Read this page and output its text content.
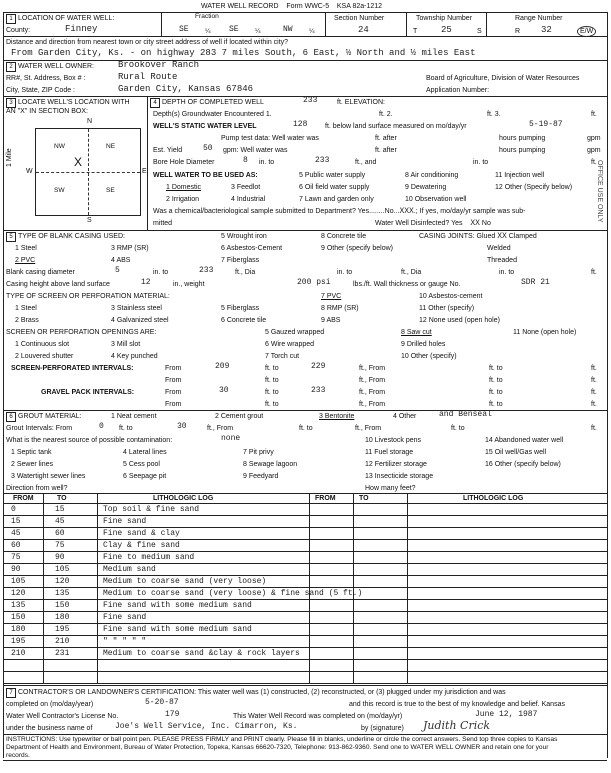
WATER WELL RECORD Form WWC-5 KSA 82a-1212
1 LOCATION OF WATER WELL:
County:	Finney
Fraction
SE ¼ SE ¼	NW ¼
Section Number
24
Township Number
T	25	S
Range Number
R 32	E/W
Distance and direction from nearest town or city street address of well if located within city?
From Garden City, Ks. - on highway 283 7 miles South, 6 East, ½ North and ½ miles East
2 WATER WELL OWNER:	Brookover Ranch
RR#, St. Address, Box # :	Rural Route
City, State, ZIP Code :	Garden City, Kansas 67846
Board of Agriculture, Division of Water Resources
Application Number:
3 LOCATE WELL'S LOCATION WITH
AN "X" IN SECTION BOX:
N
S
W	E
NW	NE
SW	SE
X
1 Mile
4 DEPTH OF COMPLETED WELL	233	ft. ELEVATION:
Depth(s) Groundwater Encountered 1.	ft. 2.	ft. 3.	ft.
WELL'S STATIC WATER LEVEL	128	ft. below land surface measured on mo/day/yr	5-19-87
Pump test data: Well water was	ft. after	hours pumping	gpm
Est. Yield	50 gpm: Well water was	ft. after	hours pumping	gpm
Bore Hole Diameter	8 in. to	233	ft., and	in. to	ft.
WELL WATER TO BE USED AS:
1 Domestic
2 Irrigation
3 Feedlot
4 Industrial
5 Public water supply
6 Oil field water supply
7 Lawn and garden only
8 Air conditioning
9 Dewatering
10 Observation well
11 Injection well
12 Other (Specify below)
Was a chemical/bacteriological sample submitted to Department? Yes........No...XXX.; If yes, mo/day/yr sample was sub-
mitted	Water Well Disinfected? Yes XX No
5 TYPE OF BLANK CASING USED:
1 Steel
2 PVC
3 RMP (SR)
4 ABS
5 Wrought iron
6 Asbestos-Cement
7 Fiberglass
8 Concrete tile
9 Other (specify below)
CASING JOINTS: Glued XX Clamped
Welded
Threaded
Blank casing diameter	5	in. to	233	ft., Dia	in. to	ft., Dia	in. to	ft.
Casing height above land surface	12	in., weight	200 psi	lbs./ft. Wall thickness or gauge No.	SDR 21
TYPE OF SCREEN OR PERFORATION MATERIAL:
1 Steel
2 Brass
3 Stainless steel
4 Galvanized steel
5 Fiberglass
6 Concrete tile
7 PVC
8 RMP (SR)
9 ABS
10 Asbestos-cement
11 Other (specify)
12 None used (open hole)
SCREEN OR PERFORATION OPENINGS ARE:
1 Continuous slot
2 Louvered shutter
3 Mill slot
4 Key punched
5 Gauzed wrapped
6 Wire wrapped
7 Torch cut
8 Saw cut
9 Drilled holes
10 Other (specify)
11 None (open hole)
SCREEN-PERFORATED INTERVALS:	From	209	ft. to	229	ft., From	ft. to	ft.
From	ft. to	ft., From	ft. to	ft.
GRAVEL PACK INTERVALS:	From	30	ft. to	233	ft., From	ft. to	ft.
From	ft. to	ft., From	ft. to	ft.
6 GROUT MATERIAL:	1 Neat cement	2 Cement grout	3 Bentonite	4 Other	and Benseal
Grout Intervals: From	0 ft. to	30	ft., From	ft. to	ft., From	ft. to	ft.
What is the nearest source of possible contamination:	none
1 Septic tank
2 Sewer lines
3 Watertight sewer lines
4 Lateral lines
5 Cess pool
6 Seepage pit
7 Pit privy
8 Sewage lagoon
9 Feedyard
10 Livestock pens
11 Fuel storage
12 Fertilizer storage
13 Insecticide storage
14 Abandoned water well
15 Oil well/Gas well
16 Other (specify below)
Direction from well?	How many feet?
FROM	TO	LITHOLOGIC LOG	FROM	TO	LITHOLOGIC LOG
0	15	Top soil & fine sand
15	45	Fine sand
45	60	Fine sand & clay
60	75	Clay & fine sand
75	90	Fine to medium sand
90	105	Medium sand
105	120	Medium to coarse sand (very loose)
120	135	Medium to coarse sand (very loose) & fine sand (5 ft.)
135	150	Fine sand with some medium sand
150	180	Fine sand
180	195	Fine sand with some medium sand
195	210	" " " " "
210	231	Medium to coarse sand &clay & rock layers
7 CONTRACTOR'S OR LANDOWNER'S CERTIFICATION: This water well was (1) constructed, (2) reconstructed, or (3) plugged under my jurisdiction and was
completed on (mo/day/year)	5-20-87	and this record is true to the best of my knowledge and belief. Kansas
Water Well Contractor's License No.	179	This Water Well Record was completed on (mo/day/yr)	June 12, 1987
under the business name of	Joe's Well Service, Inc. Cimarron, Ks.	by (signature) Judith Crick
INSTRUCTIONS: Use typewriter or ball point pen. PLEASE PRESS FIRMLY and PRINT clearly. Please fill in blanks, underline or circle the correct answers. Send top three copies to Kansas
Department of Health and Environment, Bureau of Water Protection, Topeka, Kansas 66620-7320, Telephone: 913-862-9360. Send one to WATER WELL OWNER and retain one for your
records.
OFFICE USE ONLY
